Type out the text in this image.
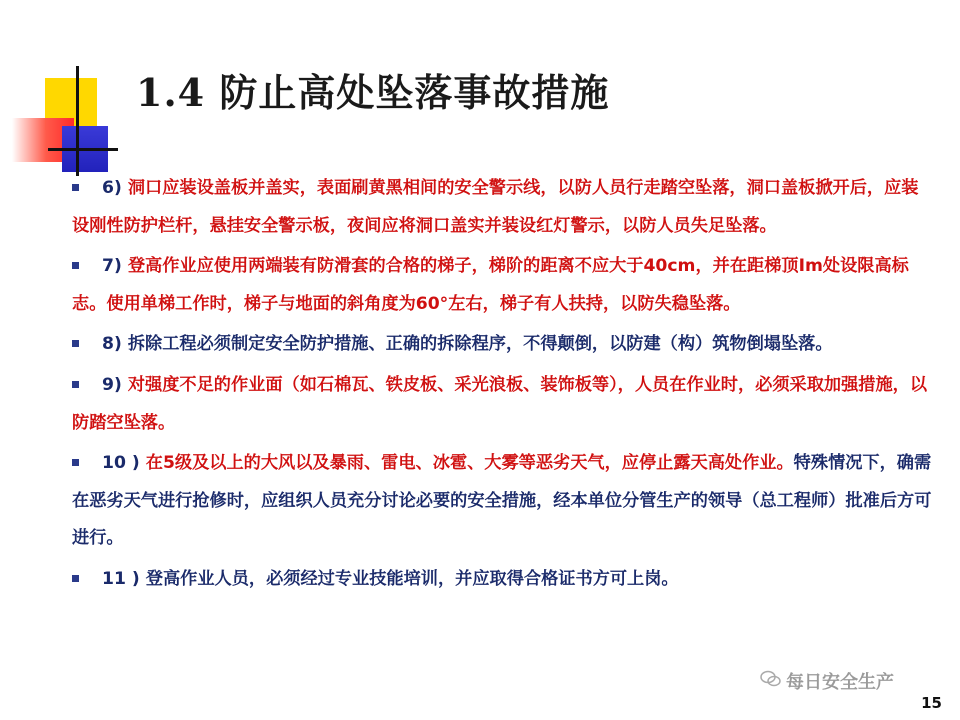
1.4 防止高处坠落事故措施

6) 洞口应装设盖板并盖实，表面刷黄黑相间的安全警示线，以防人员行走踏空坠落，洞口盖板掀开后，应装设刚性防护栏杆，悬挂安全警示板，夜间应将洞口盖实并装设红灯警示，以防人员失足坠落。

7) 登高作业应使用两端装有防滑套的合格的梯子，梯阶的距离不应大于40cm，并在距梯顶Im处设限高标志。使用单梯工作时，梯子与地面的斜角度为60°左右，梯子有人扶持，以防失稳坠落。

8) 拆除工程必须制定安全防护措施、正确的拆除程序，不得颠倒，以防建（构）筑物倒塌坠落。

9) 对强度不足的作业面（如石棉瓦、铁皮板、采光浪板、装饰板等），人员在作业时，必须采取加强措施，以防踏空坠落。

10 ) 在5级及以上的大风以及暴雨、雷电、冰雹、大雾等恶劣天气，应停止露天高处作业。特殊情况下，确需在恶劣天气进行抢修时，应组织人员充分讨论必要的安全措施，经本单位分管生产的领导（总工程师）批准后方可进行。

11 ) 登高作业人员，必须经过专业技能培训，并应取得合格证书方可上岗。

每日安全生产
15
